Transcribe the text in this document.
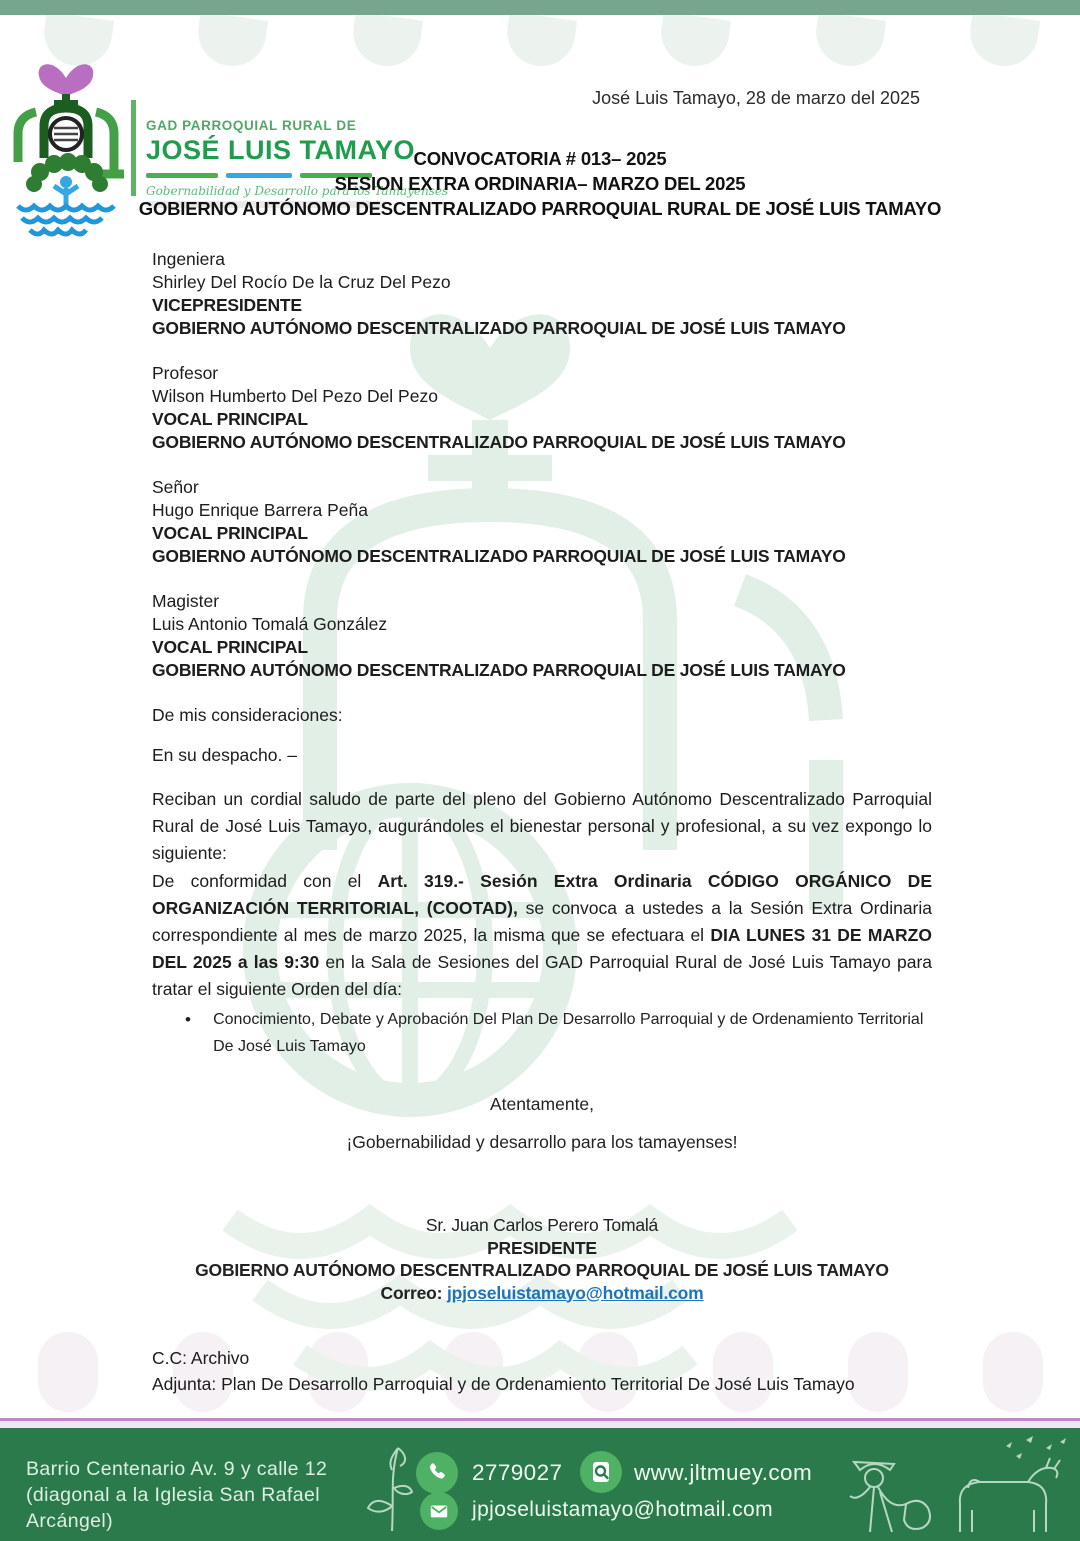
GAD PARROQUIAL RURAL DE
JOSÉ LUIS TAMAYO
Gobernabilidad y Desarrollo para los Tamayenses
José Luis Tamayo, 28 de marzo del 2025
CONVOCATORIA # 013– 2025
SESION EXTRA ORDINARIA– MARZO DEL 2025
GOBIERNO AUTÓNOMO DESCENTRALIZADO PARROQUIAL RURAL DE JOSÉ LUIS TAMAYO
Ingeniera
Shirley Del Rocío De la Cruz Del Pezo
VICEPRESIDENTE
GOBIERNO AUTÓNOMO DESCENTRALIZADO PARROQUIAL DE JOSÉ LUIS TAMAYO
Profesor
Wilson Humberto Del Pezo Del Pezo
VOCAL PRINCIPAL
GOBIERNO AUTÓNOMO DESCENTRALIZADO PARROQUIAL DE JOSÉ LUIS TAMAYO
Señor
Hugo Enrique Barrera Peña
VOCAL PRINCIPAL
GOBIERNO AUTÓNOMO DESCENTRALIZADO PARROQUIAL DE JOSÉ LUIS TAMAYO
Magister
Luis Antonio Tomalá González
VOCAL PRINCIPAL
GOBIERNO AUTÓNOMO DESCENTRALIZADO PARROQUIAL DE JOSÉ LUIS TAMAYO
De mis consideraciones:
En su despacho. –
Reciban un cordial saludo de parte del pleno del Gobierno Autónomo Descentralizado Parroquial Rural de José Luis Tamayo, augurándoles el bienestar personal y profesional, a su vez expongo lo siguiente:
De conformidad con el Art. 319.- Sesión Extra Ordinaria CÓDIGO ORGÁNICO DE ORGANIZACIÓN TERRITORIAL, (COOTAD), se convoca a ustedes a la Sesión Extra Ordinaria correspondiente al mes de marzo 2025, la misma que se efectuara el DIA LUNES 31 DE MARZO DEL 2025 a las 9:30 en la Sala de Sesiones del GAD Parroquial Rural de José Luis Tamayo para tratar el siguiente Orden del día:
•	Conocimiento, Debate y Aprobación Del Plan De Desarrollo Parroquial y de Ordenamiento Territorial De José Luis Tamayo
Atentamente,
¡Gobernabilidad y desarrollo para los tamayenses!
Sr. Juan Carlos Perero Tomalá
PRESIDENTE
GOBIERNO AUTÓNOMO DESCENTRALIZADO PARROQUIAL DE JOSÉ LUIS TAMAYO
Correo: jpjoseluistamayo@hotmail.com
C.C: Archivo
Adjunta: Plan De Desarrollo Parroquial y de Ordenamiento Territorial De José Luis Tamayo
Barrio Centenario Av. 9 y calle 12 (diagonal a la Iglesia San Rafael Arcángel)
2779027	www.jltmuey.com
jpjoseluistamayo@hotmail.com
